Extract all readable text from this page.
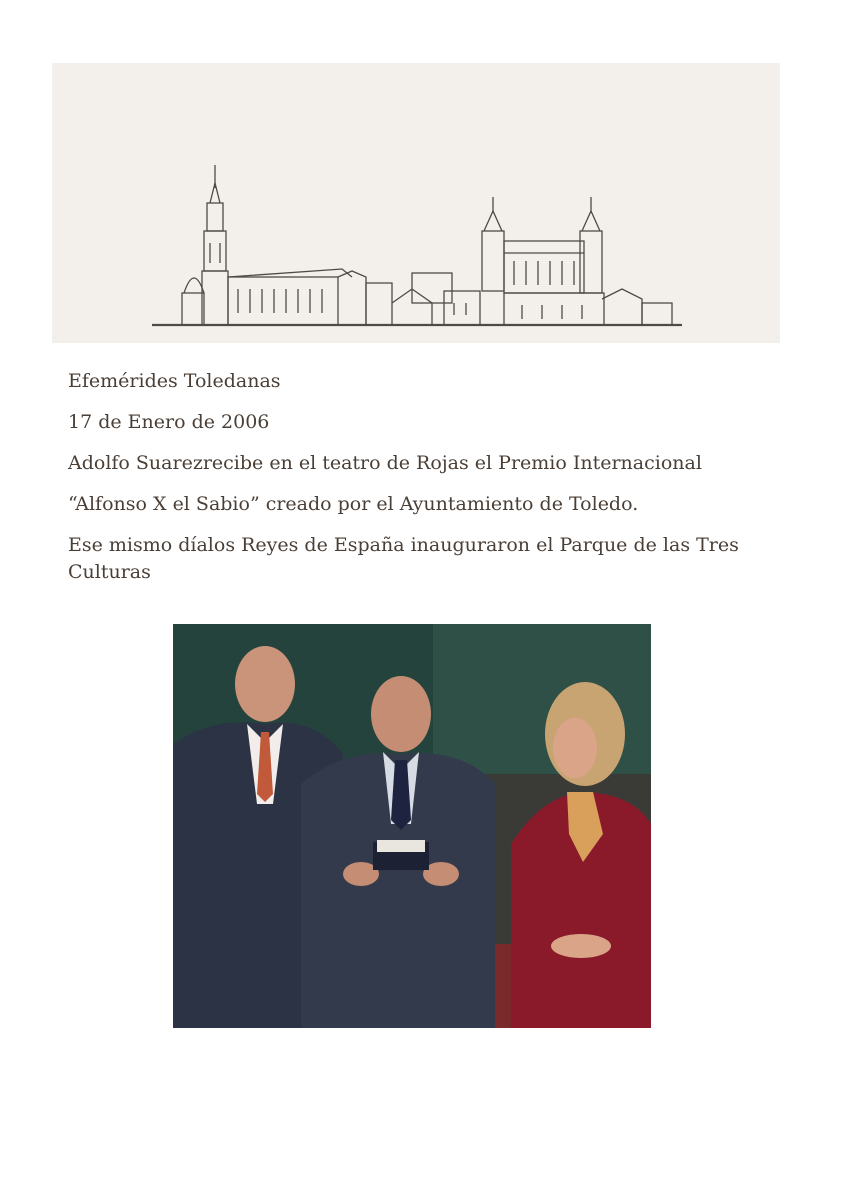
Efemérides Toledanas

17 de Enero de 2006

Adolfo Suarezrecibe en el teatro de Rojas el Premio Internacional

“Alfonso X el Sabio” creado por el Ayuntamiento de Toledo.

Ese mismo díalos Reyes de España inauguraron el Parque de las Tres Culturas
